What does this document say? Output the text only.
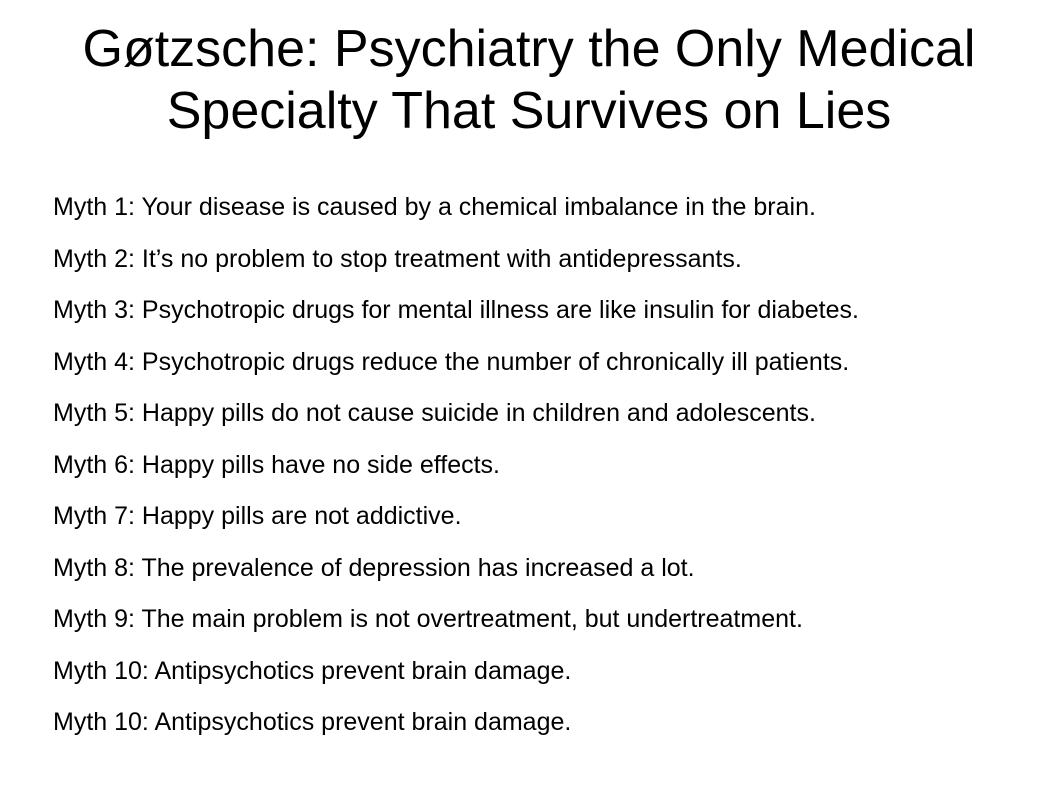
Gøtzsche: Psychiatry the Only Medical
Specialty That Survives on Lies
Myth 1: Your disease is caused by a chemical imbalance in the brain.
Myth 2: It’s no problem to stop treatment with antidepressants.
Myth 3: Psychotropic drugs for mental illness are like insulin for diabetes.
Myth 4: Psychotropic drugs reduce the number of chronically ill patients.
Myth 5: Happy pills do not cause suicide in children and adolescents.
Myth 6: Happy pills have no side effects.
Myth 7: Happy pills are not addictive.
Myth 8: The prevalence of depression has increased a lot.
Myth 9: The main problem is not overtreatment, but undertreatment.
Myth 10: Antipsychotics prevent brain damage.
Myth 10: Antipsychotics prevent brain damage.
